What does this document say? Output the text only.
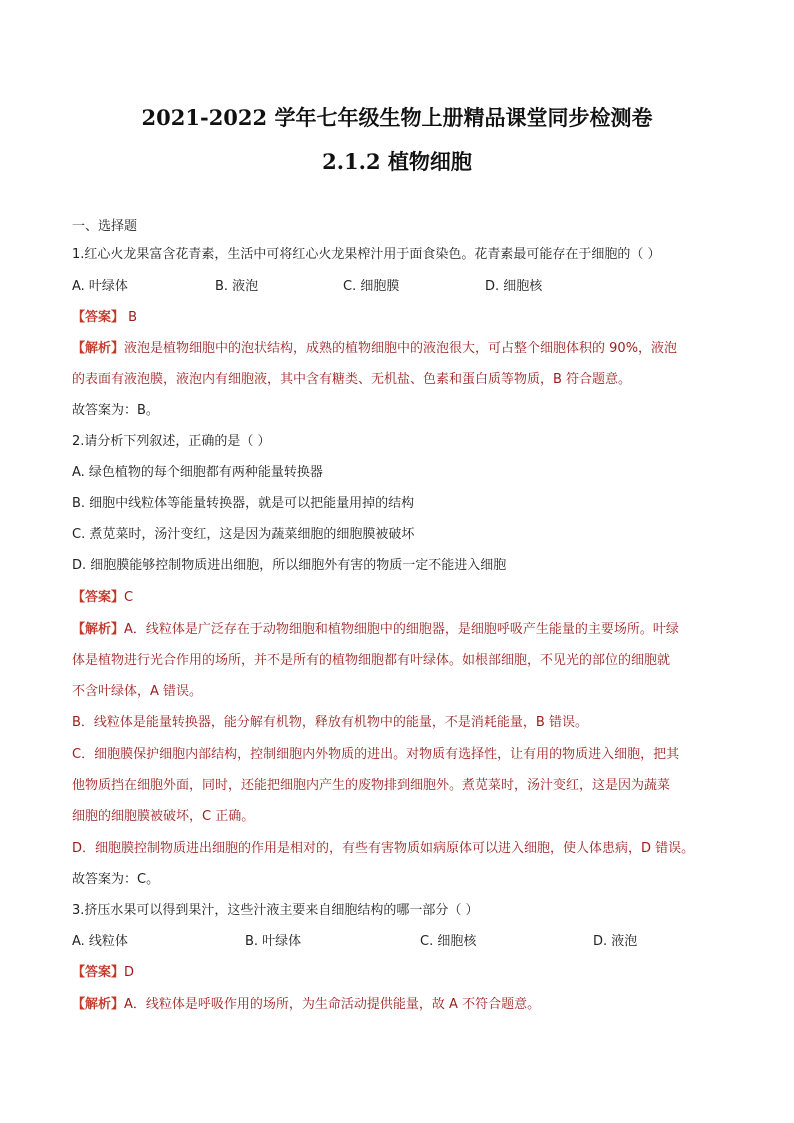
2021-2022 学年七年级生物上册精品课堂同步检测卷
2.1.2 植物细胞
一、选择题
1.红心火龙果富含花青素，生活中可将红心火龙果榨汁用于面食染色。花青素最可能存在于细胞的（ ）
A. 叶绿体	B. 液泡	C. 细胞膜	D. 细胞核
【答案】 B
【解析】液泡是植物细胞中的泡状结构，成熟的植物细胞中的液泡很大，可占整个细胞体积的 90%，液泡
的表面有液泡膜，液泡内有细胞液，其中含有糖类、无机盐、色素和蛋白质等物质，B 符合题意。
故答案为：B。
2.请分析下列叙述，正确的是（ ）
A. 绿色植物的每个细胞都有两种能量转换器
B. 细胞中线粒体等能量转换器，就是可以把能量用掉的结构
C. 煮苋菜时，汤汁变红，这是因为蔬菜细胞的细胞膜被破坏
D. 细胞膜能够控制物质进出细胞，所以细胞外有害的物质一定不能进入细胞
【答案】C
【解析】A．线粒体是广泛存在于动物细胞和植物细胞中的细胞器，是细胞呼吸产生能量的主要场所。叶绿
体是植物进行光合作用的场所，并不是所有的植物细胞都有叶绿体。如根部细胞，不见光的部位的细胞就
不含叶绿体，A 错误。
B．线粒体是能量转换器，能分解有机物，释放有机物中的能量，不是消耗能量，B 错误。
C．细胞膜保护细胞内部结构，控制细胞内外物质的进出。对物质有选择性，让有用的物质进入细胞，把其
他物质挡在细胞外面，同时，还能把细胞内产生的废物排到细胞外。煮苋菜时，汤汁变红，这是因为蔬菜
细胞的细胞膜被破坏，C 正确。
D．细胞膜控制物质进出细胞的作用是相对的，有些有害物质如病原体可以进入细胞，使人体患病，D 错误。
故答案为：C。
3.挤压水果可以得到果汁，这些汁液主要来自细胞结构的哪一部分（ ）
A. 线粒体	B. 叶绿体	C. 细胞核	D. 液泡
【答案】D
【解析】A．线粒体是呼吸作用的场所，为生命活动提供能量，故 A 不符合题意。
